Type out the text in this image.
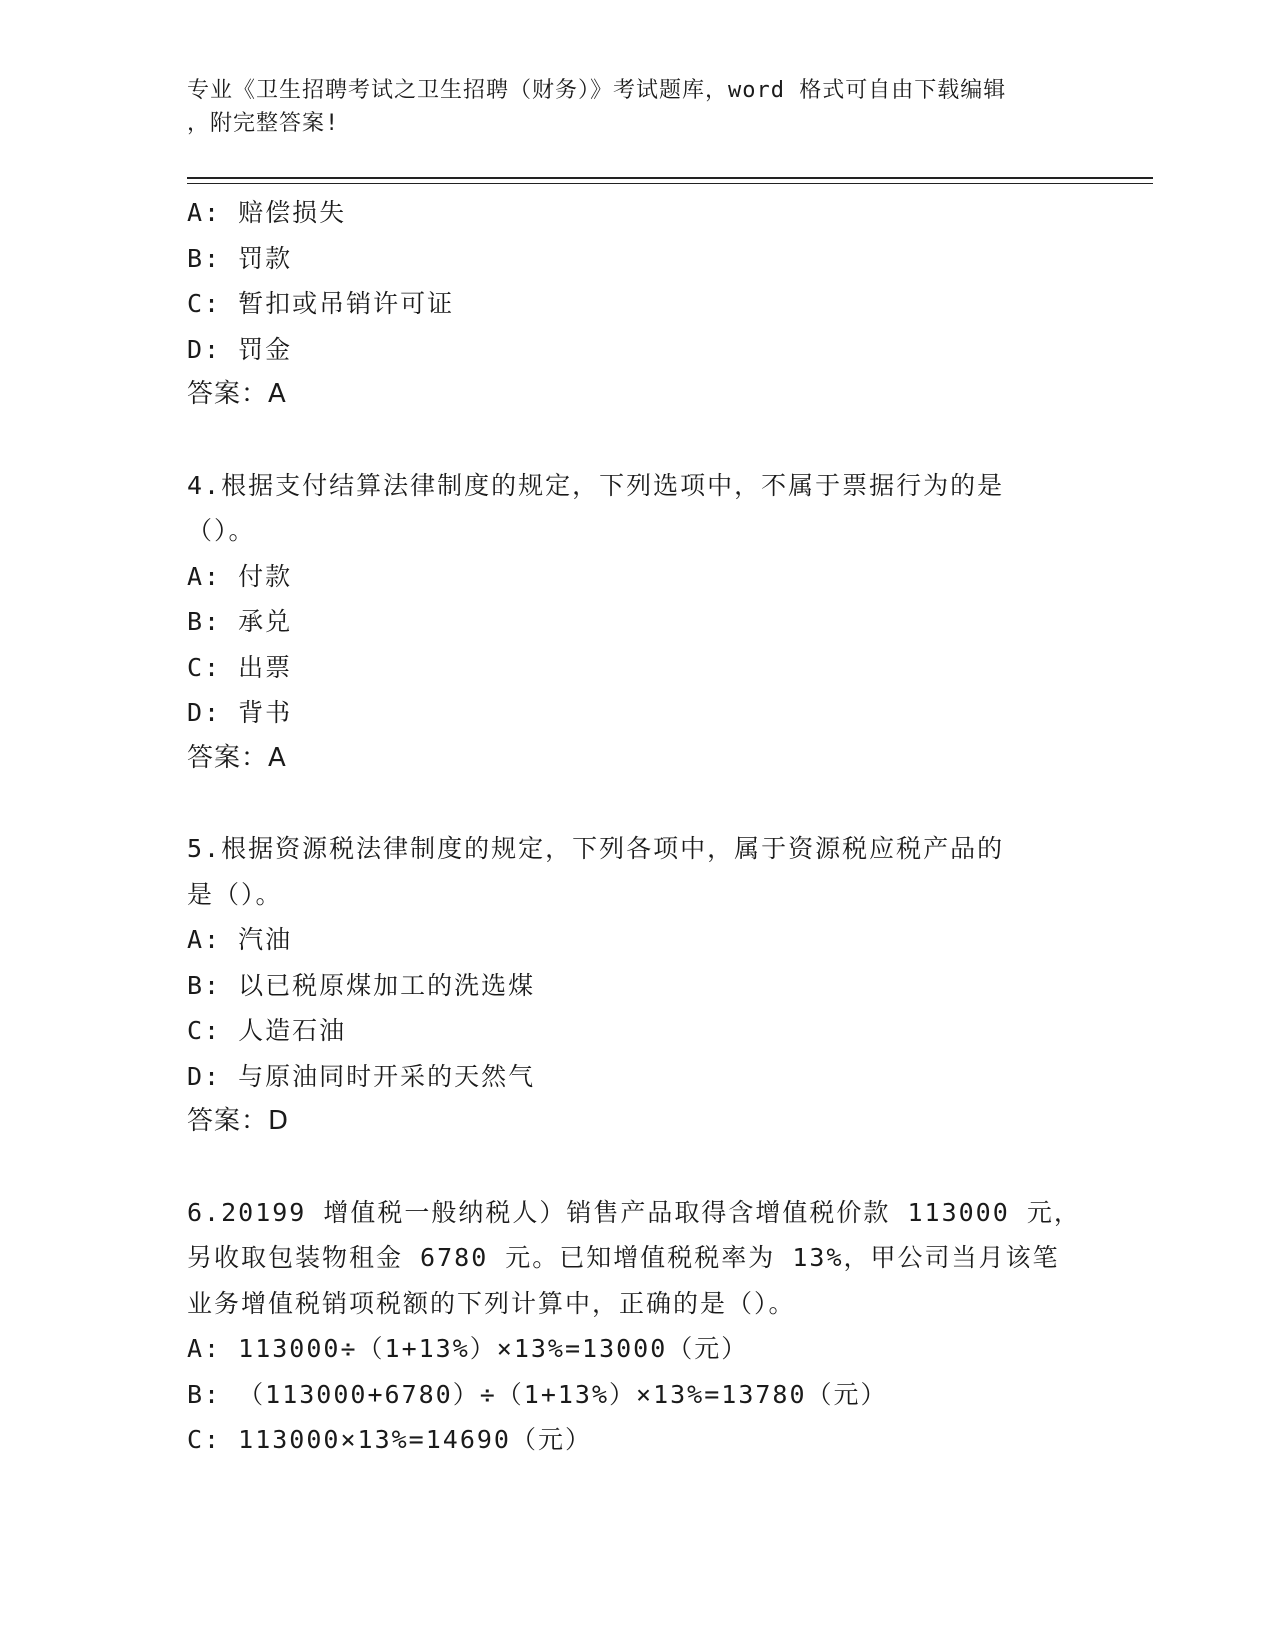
专业《卫生招聘考试之卫生招聘（财务）》考试题库，word 格式可自由下载编辑
，附完整答案!
A: 赔偿损失
B: 罚款
C: 暂扣或吊销许可证
D: 罚金
答案：A
4.根据支付结算法律制度的规定，下列选项中，不属于票据行为的是
（）。
A: 付款
B: 承兑
C: 出票
D: 背书
答案：A
5.根据资源税法律制度的规定，下列各项中，属于资源税应税产品的
是（）。
A: 汽油
B: 以已税原煤加工的洗选煤
C: 人造石油
D: 与原油同时开采的天然气
答案：D
6.20199 增值税一般纳税人）销售产品取得含增值税价款 113000 元，
另收取包装物租金 6780 元。已知增值税税率为 13%，甲公司当月该笔
业务增值税销项税额的下列计算中，正确的是（）。
A: 113000÷（1+13%）×13%=13000（元）
B: （113000+6780）÷（1+13%）×13%=13780（元）
C: 113000×13%=14690（元）
